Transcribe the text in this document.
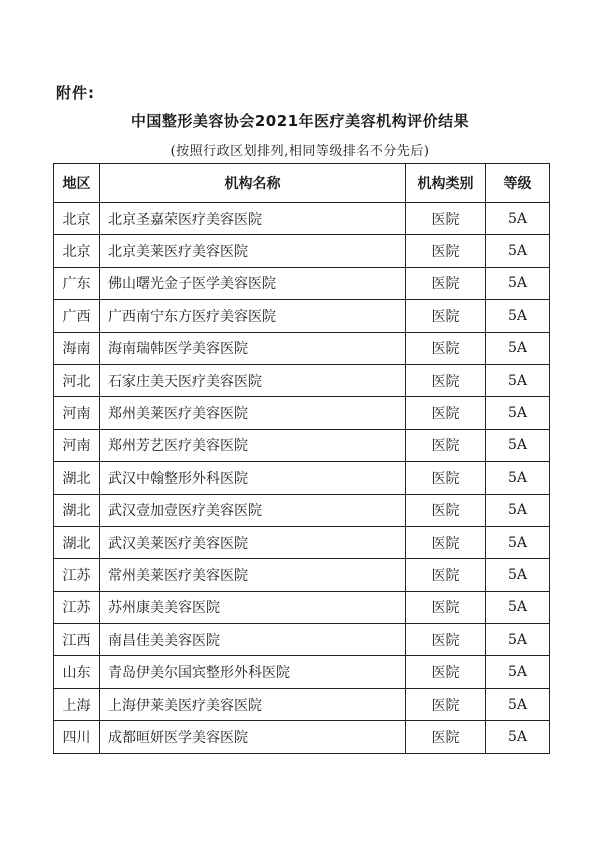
附件:
中国整形美容协会2021年医疗美容机构评价结果
(按照行政区划排列,相同等级排名不分先后)
地区	机构名称	机构类别	等级
北京	北京圣嘉荣医疗美容医院	医院	5A
北京	北京美莱医疗美容医院	医院	5A
广东	佛山曙光金子医学美容医院	医院	5A
广西	广西南宁东方医疗美容医院	医院	5A
海南	海南瑞韩医学美容医院	医院	5A
河北	石家庄美天医疗美容医院	医院	5A
河南	郑州美莱医疗美容医院	医院	5A
河南	郑州芳艺医疗美容医院	医院	5A
湖北	武汉中翰整形外科医院	医院	5A
湖北	武汉壹加壹医疗美容医院	医院	5A
湖北	武汉美莱医疗美容医院	医院	5A
江苏	常州美莱医疗美容医院	医院	5A
江苏	苏州康美美容医院	医院	5A
江西	南昌佳美美容医院	医院	5A
山东	青岛伊美尔国宾整形外科医院	医院	5A
上海	上海伊莱美医疗美容医院	医院	5A
四川	成都晅妍医学美容医院	医院	5A
